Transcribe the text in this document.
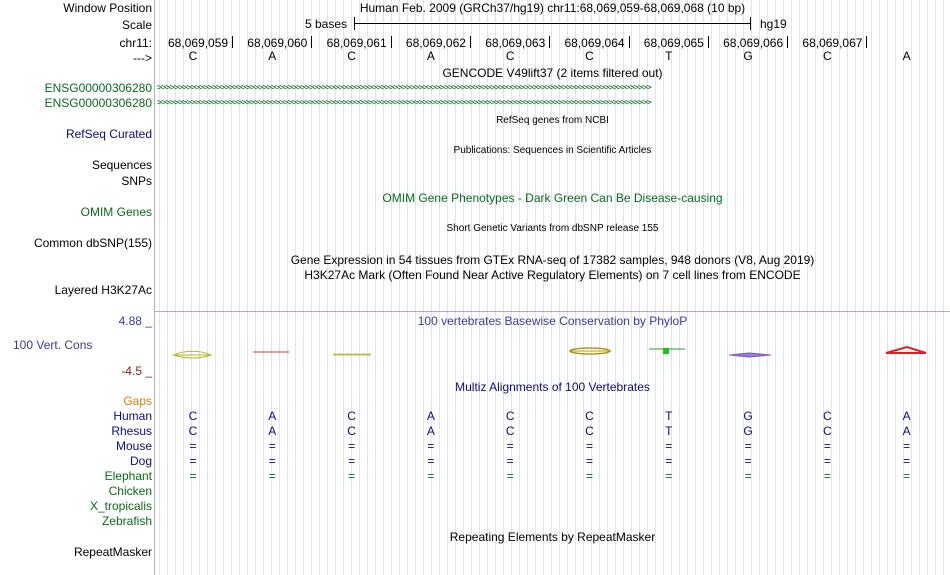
Window Position	Human Feb. 2009 (GRCh37/hg19) chr11:68,069,059-68,069,068 (10 bp)
Scale	5 bases	hg19
chr11: 68,069,059 68,069,060 68,069,061 68,069,062 68,069,063 68,069,064 68,069,065 68,069,066 68,069,067
--->	C	A	C	A	C	C	T	G	C	A
GENCODE V49lift37 (2 items filtered out)
ENSG00000306280 >>>>>>>>>>>>>>>>>>>>>>>>>>>>>>>>>>>>>>>>>>>>>>>>>>>>>>>>>>>>>>>>>>>>>>>>>>>>>>>>>>>>>>>>>>>>>>>>>>>>>>>>>>>>>>>>>>>>>
ENSG00000306280 >>>>>>>>>>>>>>>>>>>>>>>>>>>>>>>>>>>>>>>>>>>>>>>>>>>>>>>>>>>>>>>>>>>>>>>>>>>>>>>>>>>>>>>>>>>>>>>>>>>>>>>>>>>>>>>>>>>>>
RefSeq genes from NCBI
RefSeq Curated
Publications: Sequences in Scientific Articles
Sequences
SNPs
OMIM Gene Phenotypes - Dark Green Can Be Disease-causing
OMIM Genes
Short Genetic Variants from dbSNP release 155
Common dbSNP(155)
Gene Expression in 54 tissues from GTEx RNA-seq of 17382 samples, 948 donors (V8, Aug 2019)
H3K27Ac Mark (Often Found Near Active Regulatory Elements) on 7 cell lines from ENCODE
Layered H3K27Ac
100 vertebrates Basewise Conservation by PhyloP
4.88 _
100 Vert. Cons
-4.5 _
Multiz Alignments of 100 Vertebrates
Gaps
Human	C	A	C	A	C	C	T	G	C	A
Rhesus	C	A	C	A	C	C	T	G	C	A
Mouse	=	=	=	=	=	=	=	=	=	=
Dog	=	=	=	=	=	=	=	=	=	=
Elephant	=	=	=	=	=	=	=	=	=	=
Chicken
X_tropicalis
Zebrafish
Repeating Elements by RepeatMasker
RepeatMasker
